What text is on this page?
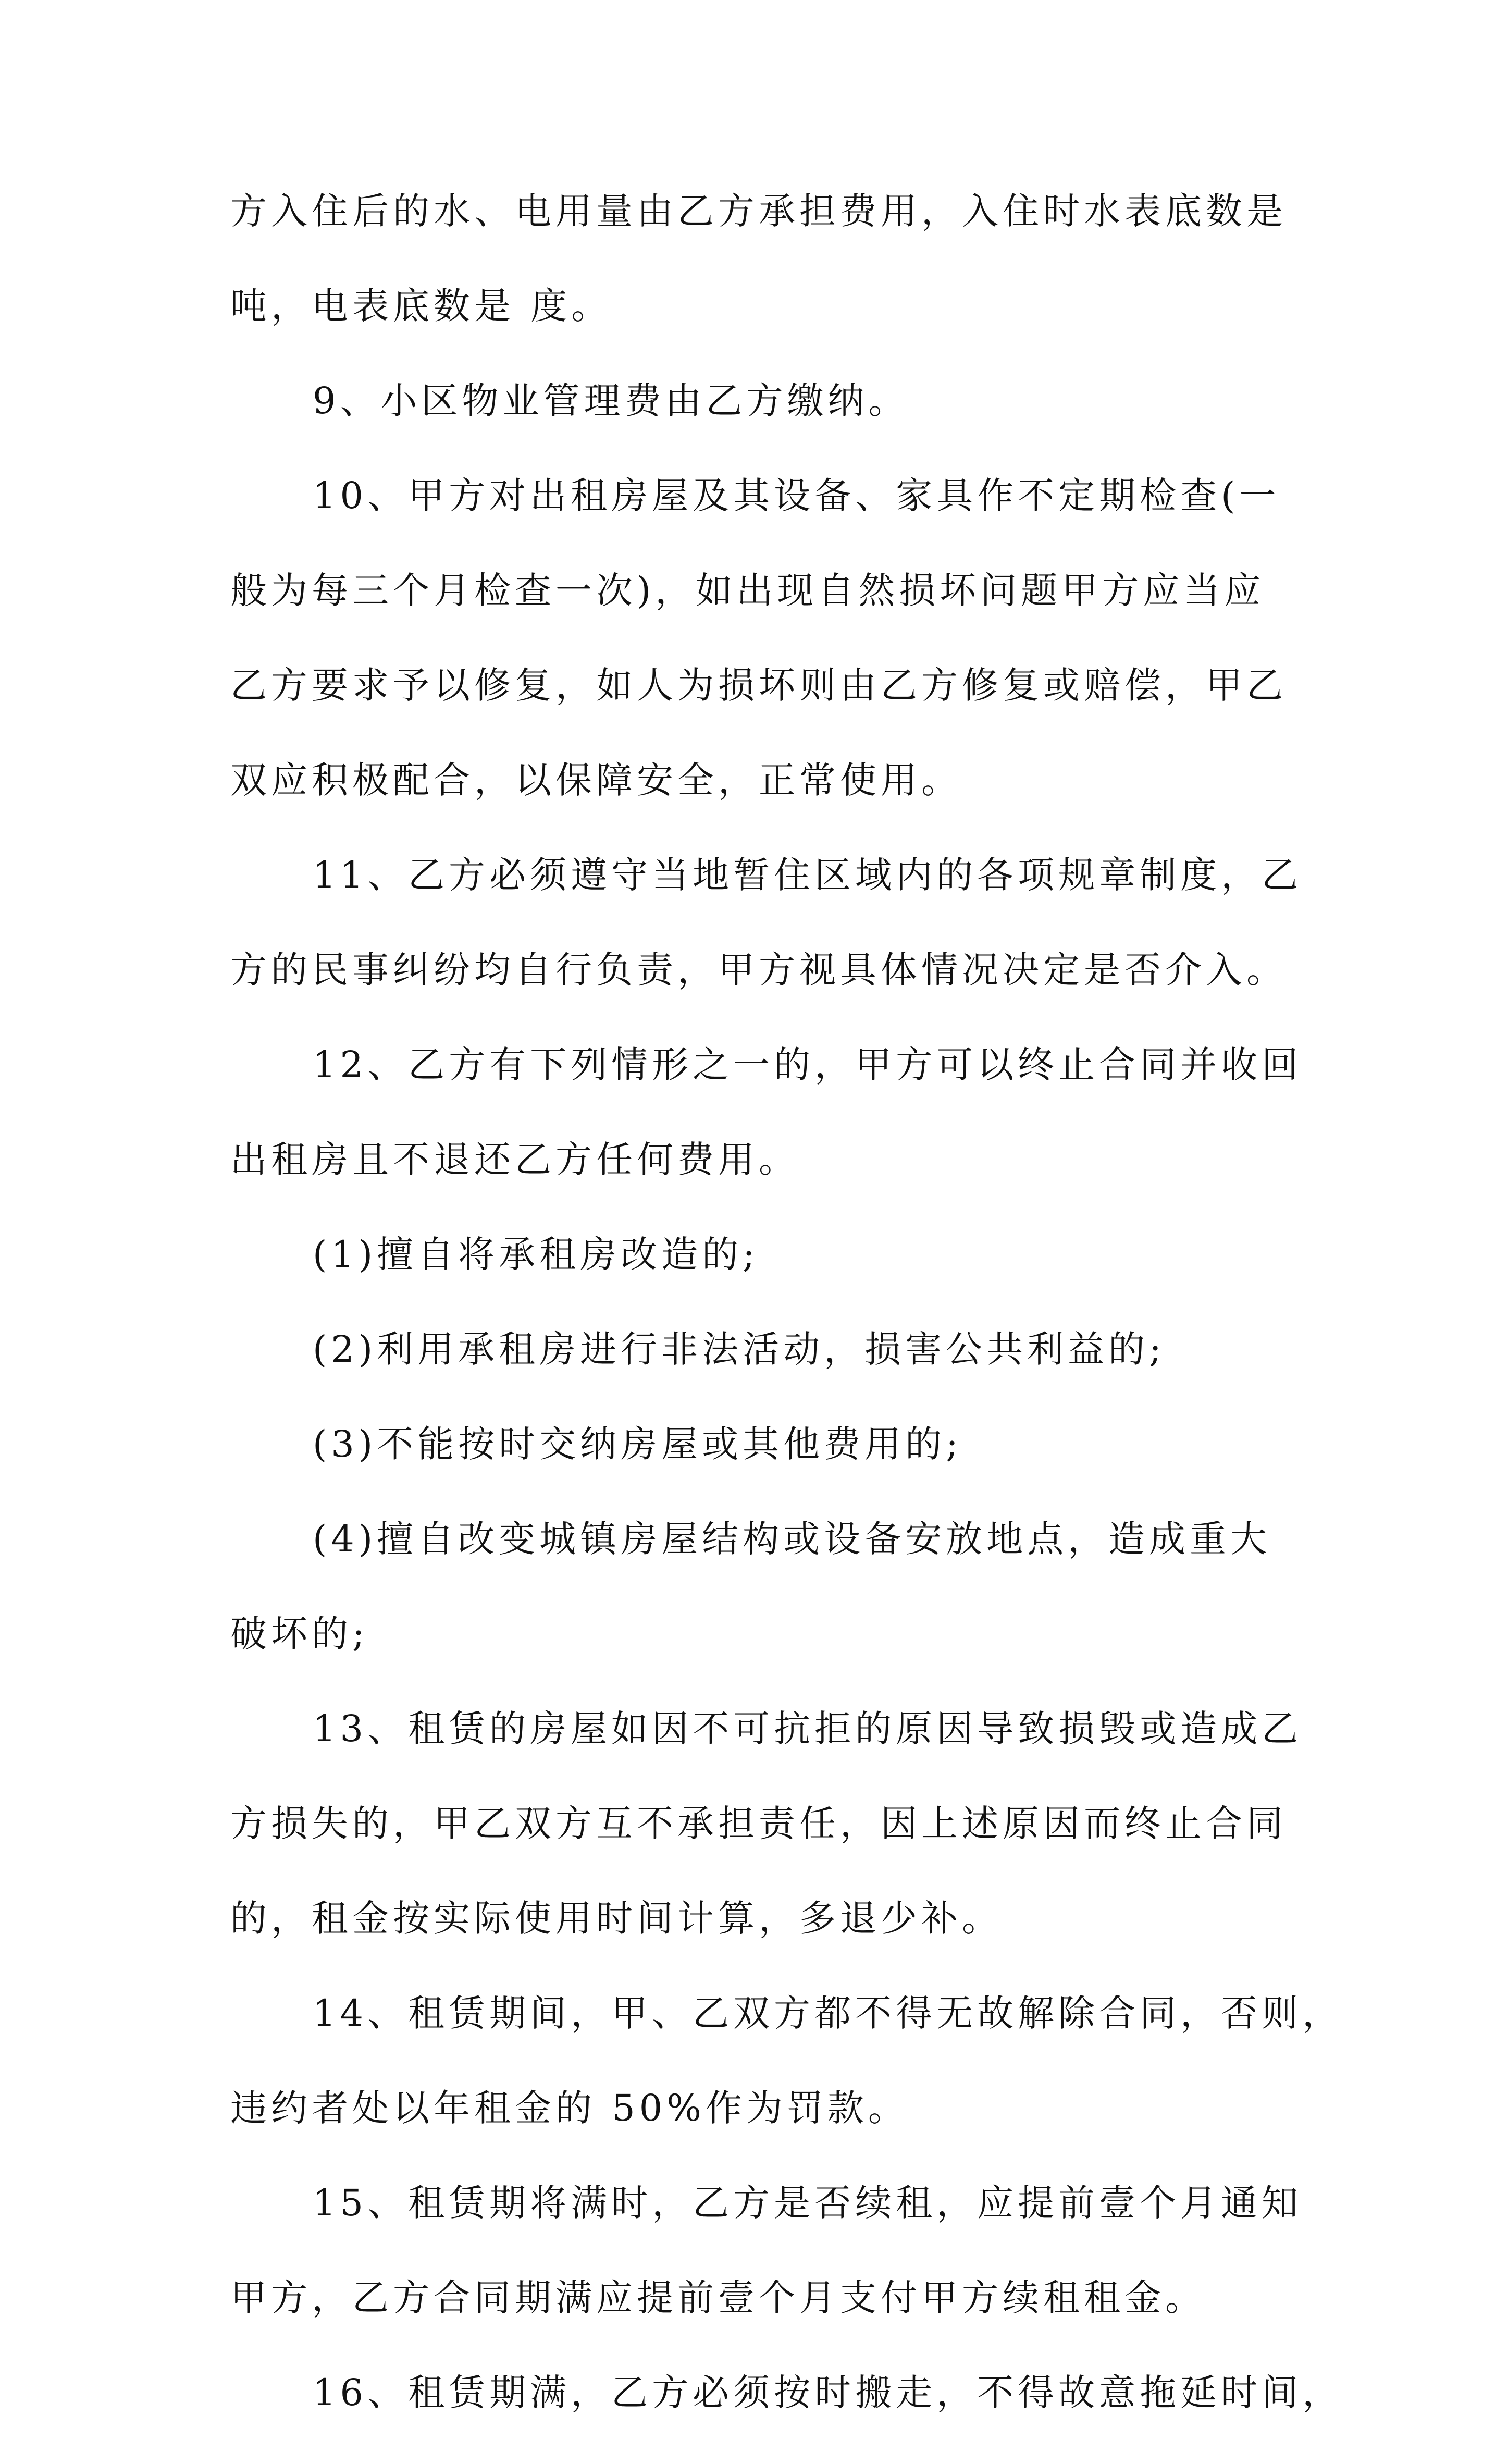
方入住后的水、电用量由乙方承担费用，入住时水表底数是
吨，电表底数是 度。
9、小区物业管理费由乙方缴纳。
10、甲方对出租房屋及其设备、家具作不定期检查(一
般为每三个月检查一次)，如出现自然损坏问题甲方应当应
乙方要求予以修复，如人为损坏则由乙方修复或赔偿，甲乙
双应积极配合，以保障安全，正常使用。
11、乙方必须遵守当地暂住区域内的各项规章制度，乙
方的民事纠纷均自行负责，甲方视具体情况决定是否介入。
12、乙方有下列情形之一的，甲方可以终止合同并收回
出租房且不退还乙方任何费用。
(1)擅自将承租房改造的;
(2)利用承租房进行非法活动，损害公共利益的;
(3)不能按时交纳房屋或其他费用的;
(4)擅自改变城镇房屋结构或设备安放地点，造成重大
破坏的;
13、租赁的房屋如因不可抗拒的原因导致损毁或造成乙
方损失的，甲乙双方互不承担责任，因上述原因而终止合同
的，租金按实际使用时间计算，多退少补。
14、租赁期间，甲、乙双方都不得无故解除合同，否则，
违约者处以年租金的 50%作为罚款。
15、租赁期将满时，乙方是否续租，应提前壹个月通知
甲方，乙方合同期满应提前壹个月支付甲方续租租金。
16、租赁期满，乙方必须按时搬走，不得故意拖延时间，
